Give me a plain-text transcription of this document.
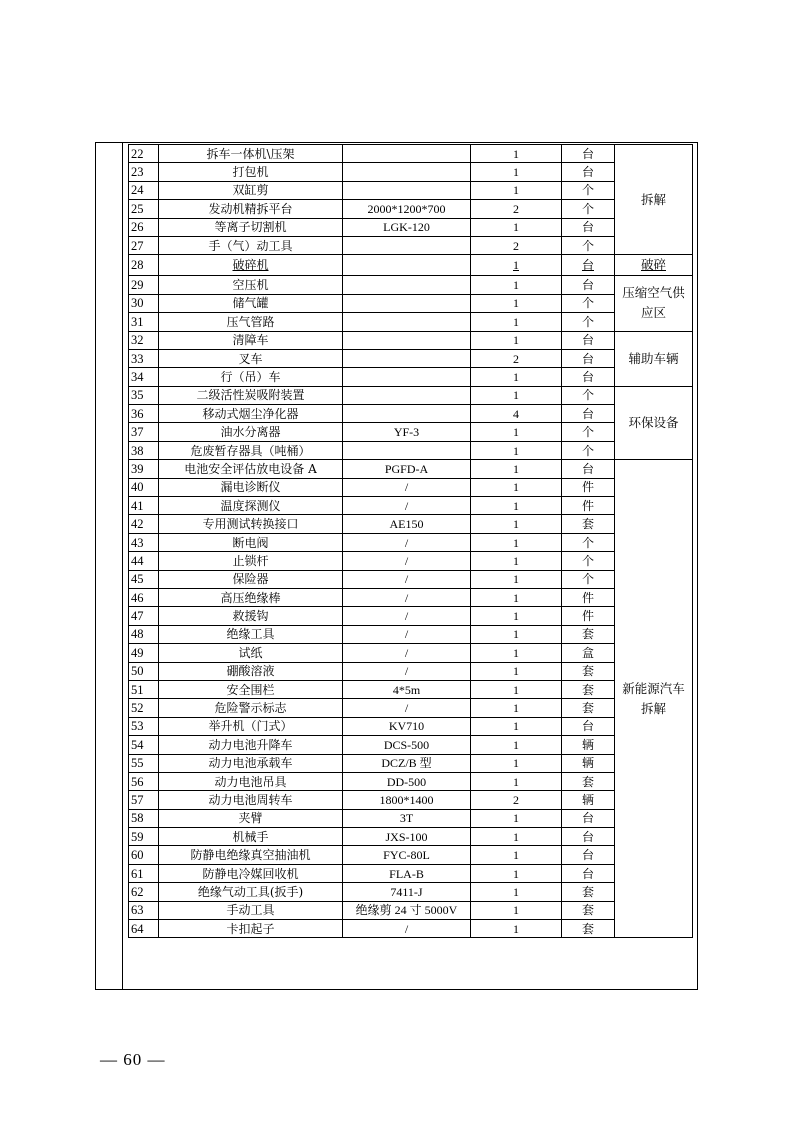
22	拆车一体机\压架		1	台	拆解
23	打包机		1	台	
24	双缸剪		1	个	
25	发动机精拆平台	2000*1200*700	2	个	
26	等离子切割机	LGK-120	1	台	
27	手（气）动工具		2	个	
28	破碎机		1	台	破碎
29	空压机		1	台	压缩空气供应区
30	储气罐		1	个	
31	压气管路		1	个	
32	清障车		1	台	辅助车辆
33	叉车		2	台	
34	行（吊）车		1	台	
35	二级活性炭吸附装置		1	个	环保设备
36	移动式烟尘净化器		4	台	
37	油水分离器	YF-3	1	个	
38	危废暂存器具（吨桶）		1	个	
39	电池安全评估放电设备 A	PGFD-A	1	台	新能源汽车拆解
40	漏电诊断仪	/	1	件	
41	温度探测仪	/	1	件	
42	专用测试转换接口	AE150	1	套	
43	断电阀	/	1	个	
44	止锁杆	/	1	个	
45	保险器	/	1	个	
46	高压绝缘棒	/	1	件	
47	救援钩	/	1	件	
48	绝缘工具	/	1	套	
49	试纸	/	1	盒	
50	硼酸溶液	/	1	套	
51	安全围栏	4*5m	1	套	
52	危险警示标志	/	1	套	
53	举升机（门式）	KV710	1	台	
54	动力电池升降车	DCS-500	1	辆	
55	动力电池承载车	DCZ/B 型	1	辆	
56	动力电池吊具	DD-500	1	套	
57	动力电池周转车	1800*1400	2	辆	
58	夹臂	3T	1	台	
59	机械手	JXS-100	1	台	
60	防静电绝缘真空抽油机	FYC-80L	1	台	
61	防静电冷媒回收机	FLA-B	1	台	
62	绝缘气动工具(扳手)	7411-J	1	套	
63	手动工具	绝缘剪 24 寸 5000V	1	套	
64	卡扣起子	/	1	套	
— 60 —
